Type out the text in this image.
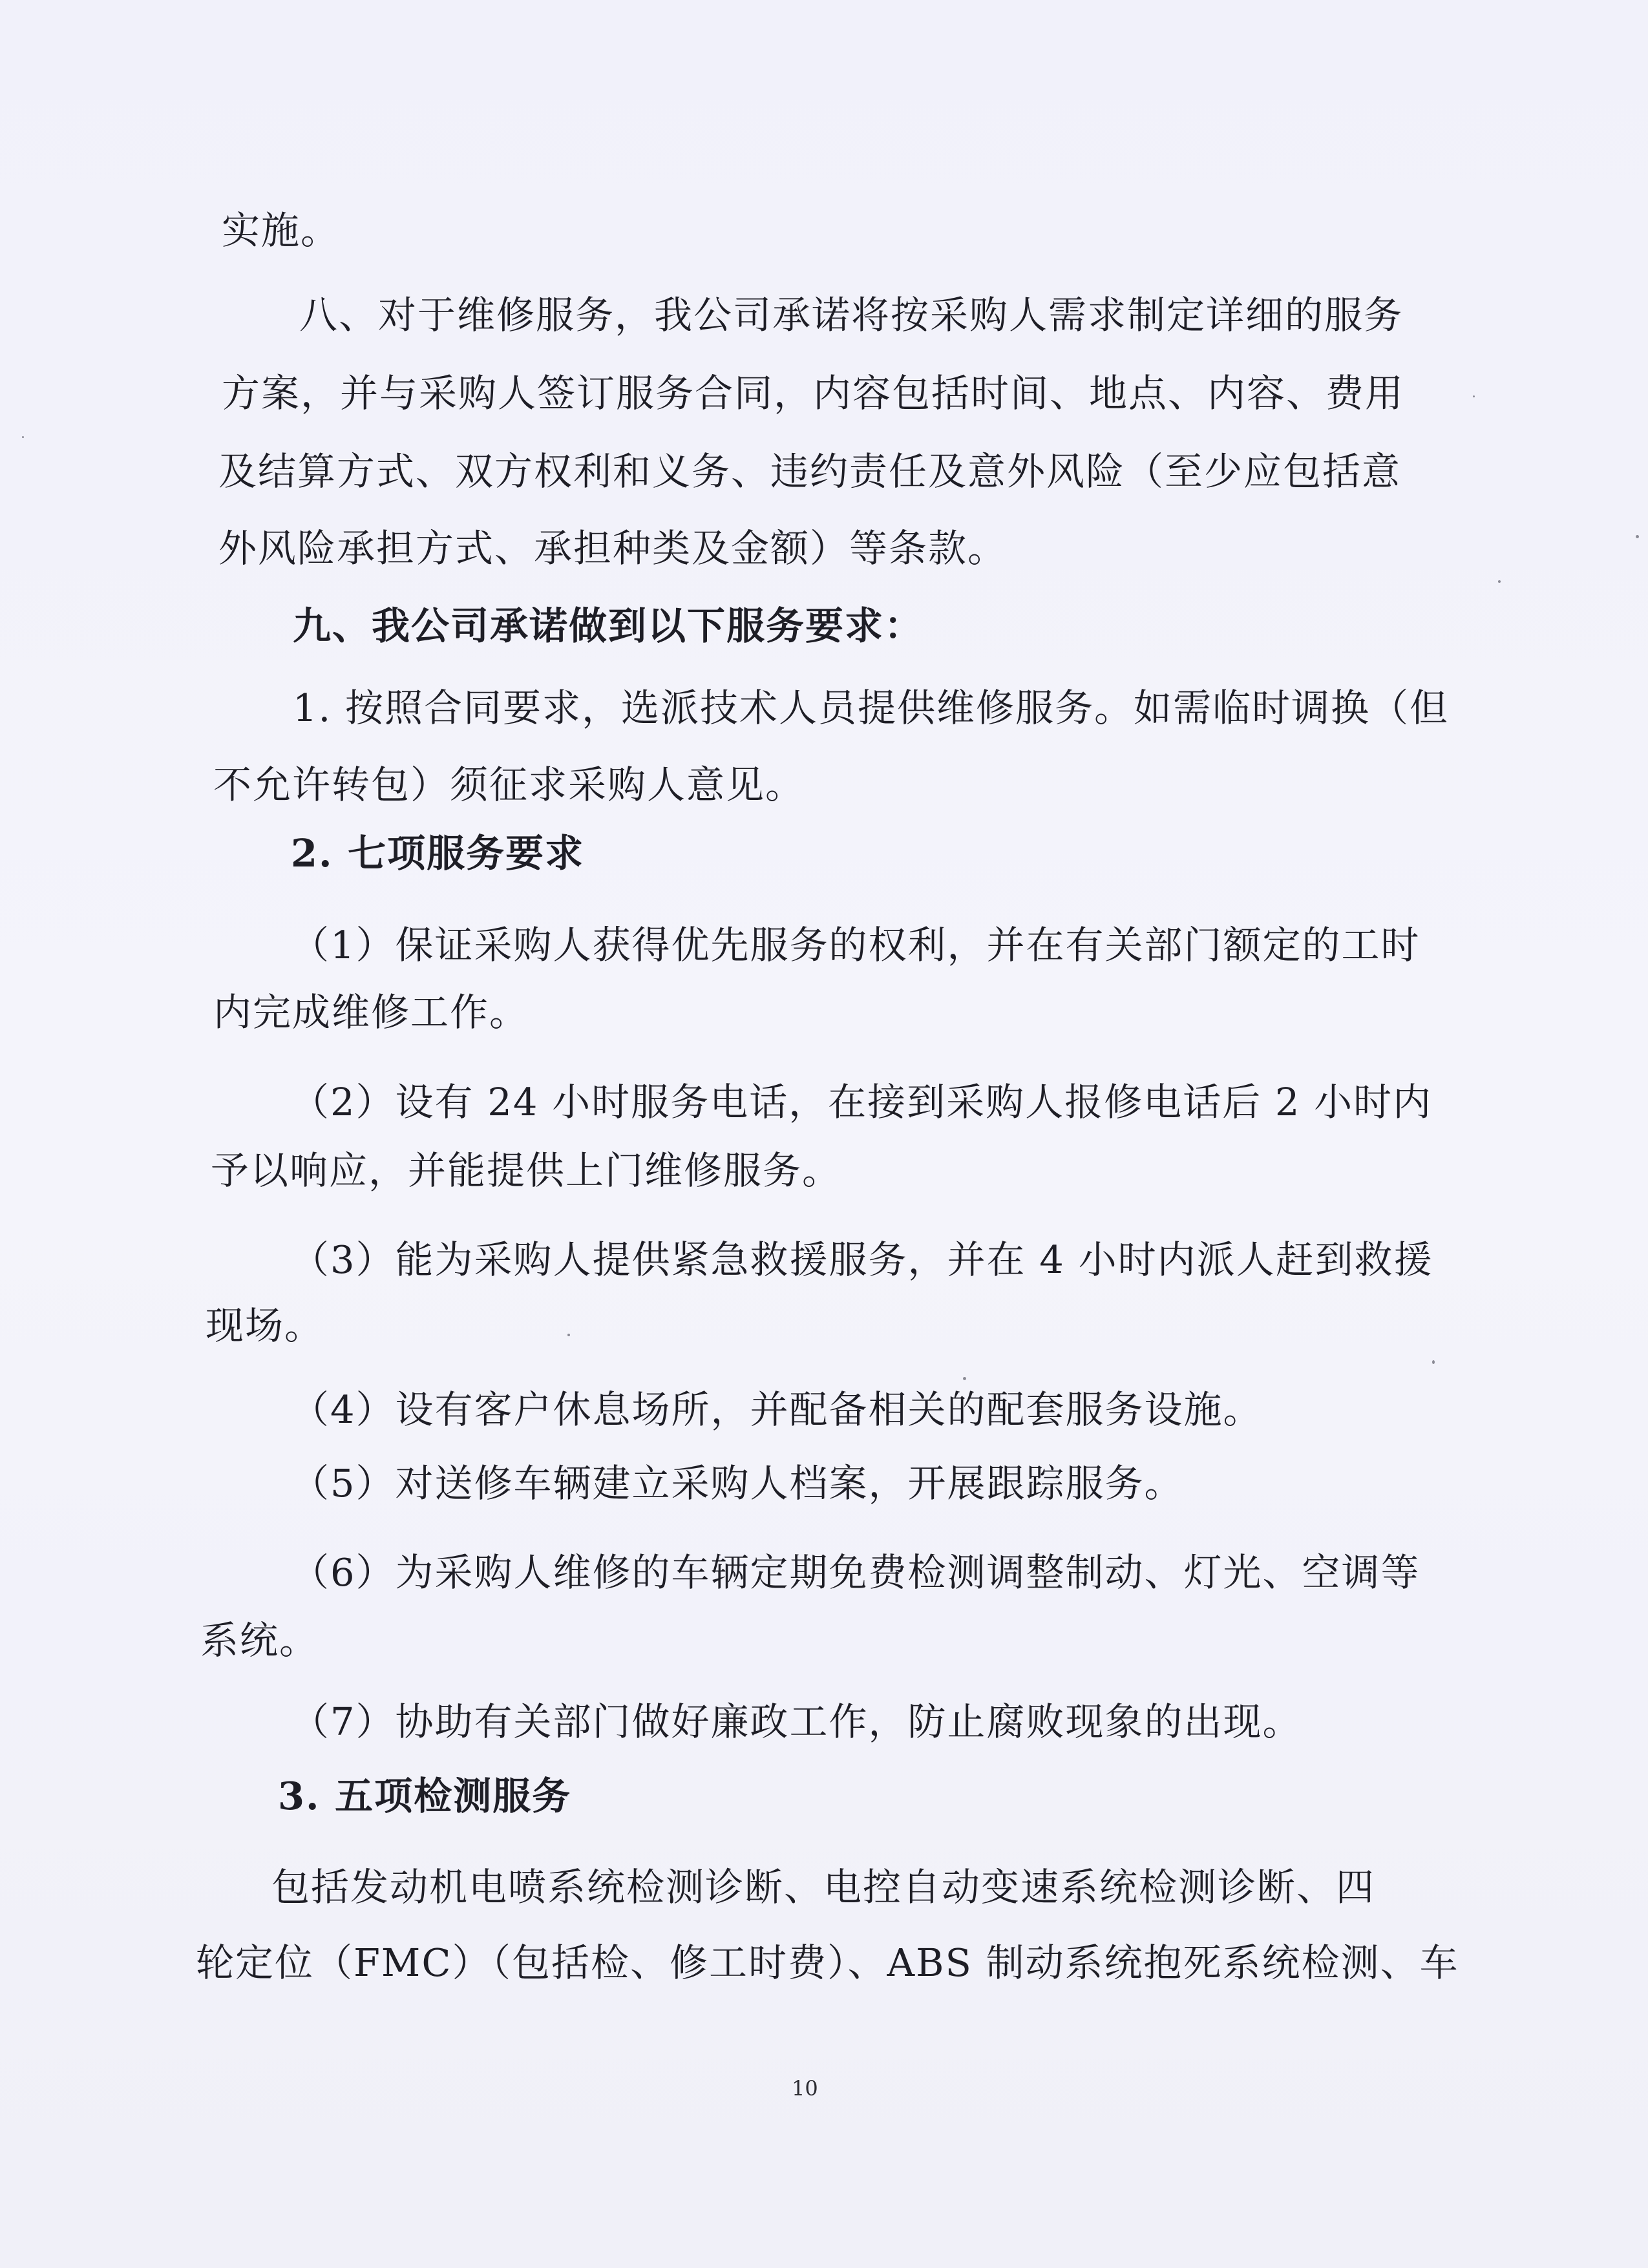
实施。
八、对于维修服务，我公司承诺将按采购人需求制定详细的服务
方案，并与采购人签订服务合同，内容包括时间、地点、内容、费用
及结算方式、双方权利和义务、违约责任及意外风险（至少应包括意
外风险承担方式、承担种类及金额）等条款。
九、我公司承诺做到以下服务要求：
1. 按照合同要求，选派技术人员提供维修服务。如需临时调换（但
不允许转包）须征求采购人意见。
2. 七项服务要求
（1）保证采购人获得优先服务的权利，并在有关部门额定的工时
内完成维修工作。
（2）设有 24 小时服务电话，在接到采购人报修电话后 2 小时内
予以响应，并能提供上门维修服务。
（3）能为采购人提供紧急救援服务，并在 4 小时内派人赶到救援
现场。
（4）设有客户休息场所，并配备相关的配套服务设施。
（5）对送修车辆建立采购人档案，开展跟踪服务。
（6）为采购人维修的车辆定期免费检测调整制动、灯光、空调等
系统。
（7）协助有关部门做好廉政工作，防止腐败现象的出现。
3. 五项检测服务
包括发动机电喷系统检测诊断、电控自动变速系统检测诊断、四
轮定位（FMC）（包括检、修工时费）、ABS 制动系统抱死系统检测、车
10
